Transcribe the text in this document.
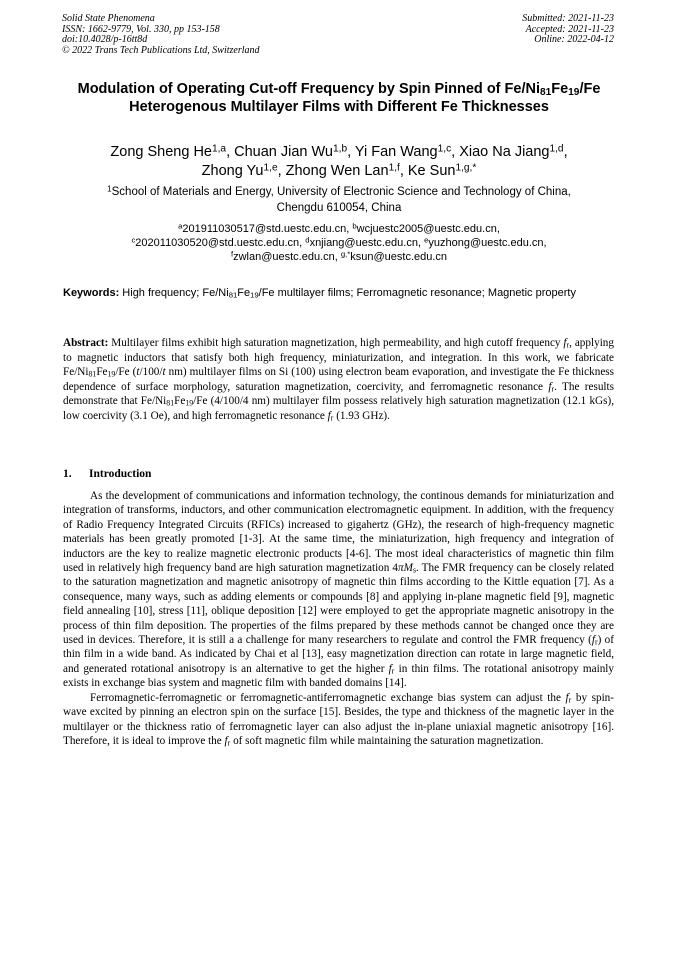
Solid State Phenomena
ISSN: 1662-9779, Vol. 330, pp 153-158
doi:10.4028/p-16tt8d
© 2022 Trans Tech Publications Ltd, Switzerland
Submitted: 2021-11-23
Accepted: 2021-11-23
Online: 2022-04-12
Modulation of Operating Cut-off Frequency by Spin Pinned of $Fe/Ni_{81}Fe_{19}/Fe$ Heterogenous Multilayer Films with Different Fe Thicknesses
Zong Sheng He$^{1,a}$, Chuan Jian Wu$^{1,b}$, Yi Fan Wang$^{1,c}$, Xiao Na Jiang$^{1,d}$,
Zhong Yu$^{1,e}$, Zhong Wen Lan$^{1,f}$, Ke Sun$^{1,g,*}$
$^1$School of Materials and Energy, University of Electronic Science and Technology of China,
Chengdu 610054, China
$^a$201911030517@std.uestc.edu.cn, $^b$wcjuestc2005@uestc.edu.cn,
$^c$202011030520@std.uestc.edu.cn, $^d$xnjiang@uestc.edu.cn, $^e$yuzhong@uestc.edu.cn,
$^f$zwlan@uestc.edu.cn, $^{g,*}$ksun@uestc.edu.cn
Keywords: High frequency; $Fe/Ni_{81}Fe_{19}/Fe$ multilayer films; Ferromagnetic resonance; Magnetic property
Abstract: Multilayer films exhibit high saturation magnetization, high permeability, and high cutoff frequency $f_r$, applying to magnetic inductors that satisfy both high frequency, miniaturization, and integration. In this work, we fabricate $Fe/Ni_{81}Fe_{19}/Fe$ (t/100/t nm) multilayer films on Si (100) using electron beam evaporation, and investigate the Fe thickness dependence of surface morphology, saturation magnetization, coercivity, and ferromagnetic resonance $f_r$. The results demonstrate that $Fe/Ni_{81}Fe_{19}/Fe$ (4/100/4 nm) multilayer film possess relatively high saturation magnetization (12.1 kGs), low coercivity (3.1 Oe), and high ferromagnetic resonance $f_r$ (1.93 GHz).
1. Introduction

As the development of communications and information technology, the continous demands for miniaturization and integration of transforms, inductors, and other communication electromagnetic equipment. In addition, with the frequency of Radio Frequency Integrated Circuits (RFICs) increased to gigahertz (GHz), the research of high-frequency magnetic materials has been greatly promoted [1-3]. At the same time, the miniaturization, high frequency and integration of inductors are the key to realize magnetic electronic products [4-6]. The most ideal characteristics of magnetic thin film used in relatively high frequency band are high saturation magnetization $4\pi M_s$. The FMR frequency can be closely related to the saturation magnetization and magnetic anisotropy of magnetic thin films according to the Kittle equation [7]. As a consequence, many ways, such as adding elements or compounds [8] and applying in-plane magnetic field [9], magnetic field annealing [10], stress [11], oblique deposition [12] were employed to get the appropriate magnetic anisotropy in the process of thin film deposition. The properties of the films prepared by these methods cannot be changed once they are used in devices. Therefore, it is still a a challenge for many researchers to regulate and control the FMR frequency $(f_r)$ of thin film in a wide band. As indicated by Chai et al [13], easy magnetization direction can rotate in large magnetic field, and generated rotational anisotropy is an alternative to get the higher $f_r$ in thin films. The rotational anisotropy mainly exists in exchange bias system and magnetic film with banded domains [14].

Ferromagnetic-ferromagnetic or ferromagnetic-antiferromagnetic exchange bias system can adjust the $f_r$ by spin-wave excited by pinning an electron spin on the surface [15]. Besides, the type and thickness of the magnetic layer in the multilayer or the thickness ratio of ferromagnetic layer can also adjust the in-plane uniaxial magnetic anisotropy [16]. Therefore, it is ideal to improve the $f_r$ of soft magnetic film while maintaining the saturation magnetization.
